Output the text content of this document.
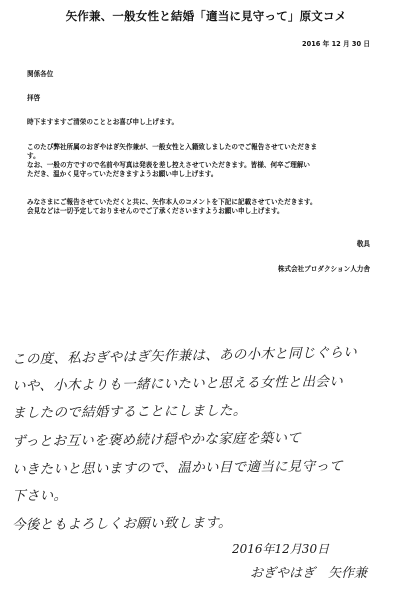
矢作兼、一般女性と結婚「適当に見守って」原文コメ
2016 年 12 月 30 日
関係各位
拝啓
時下ますますご清栄のこととお喜び申し上げます。
このたび弊社所属のおぎやはぎ矢作兼が、一般女性と入籍致しましたのでご報告させていただきま
す。
なお、一般の方ですので名前や写真は発表を差し控えさせていただきます。皆様、何卒ご理解い
ただき、温かく見守っていただきますようお願い申し上げます。
みなさまにご報告させていただくと共に、矢作本人のコメントを下記に記載させていただきます。
会見などは一切予定しておりませんのでご了承くださいますようお願い申し上げます。
敬具
株式会社プロダクション人力舎
この度、私おぎやはぎ矢作兼は、あの小木と同じぐらい
いや、小木よりも一緒にいたいと思える女性と出会い
ましたので結婚することにしました。
ずっとお互いを褒め続け穏やかな家庭を築いて
いきたいと思いますので、温かい目で適当に見守って
下さい。
今後ともよろしくお願い致します。
2016年12月30日
おぎやはぎ　矢作兼
